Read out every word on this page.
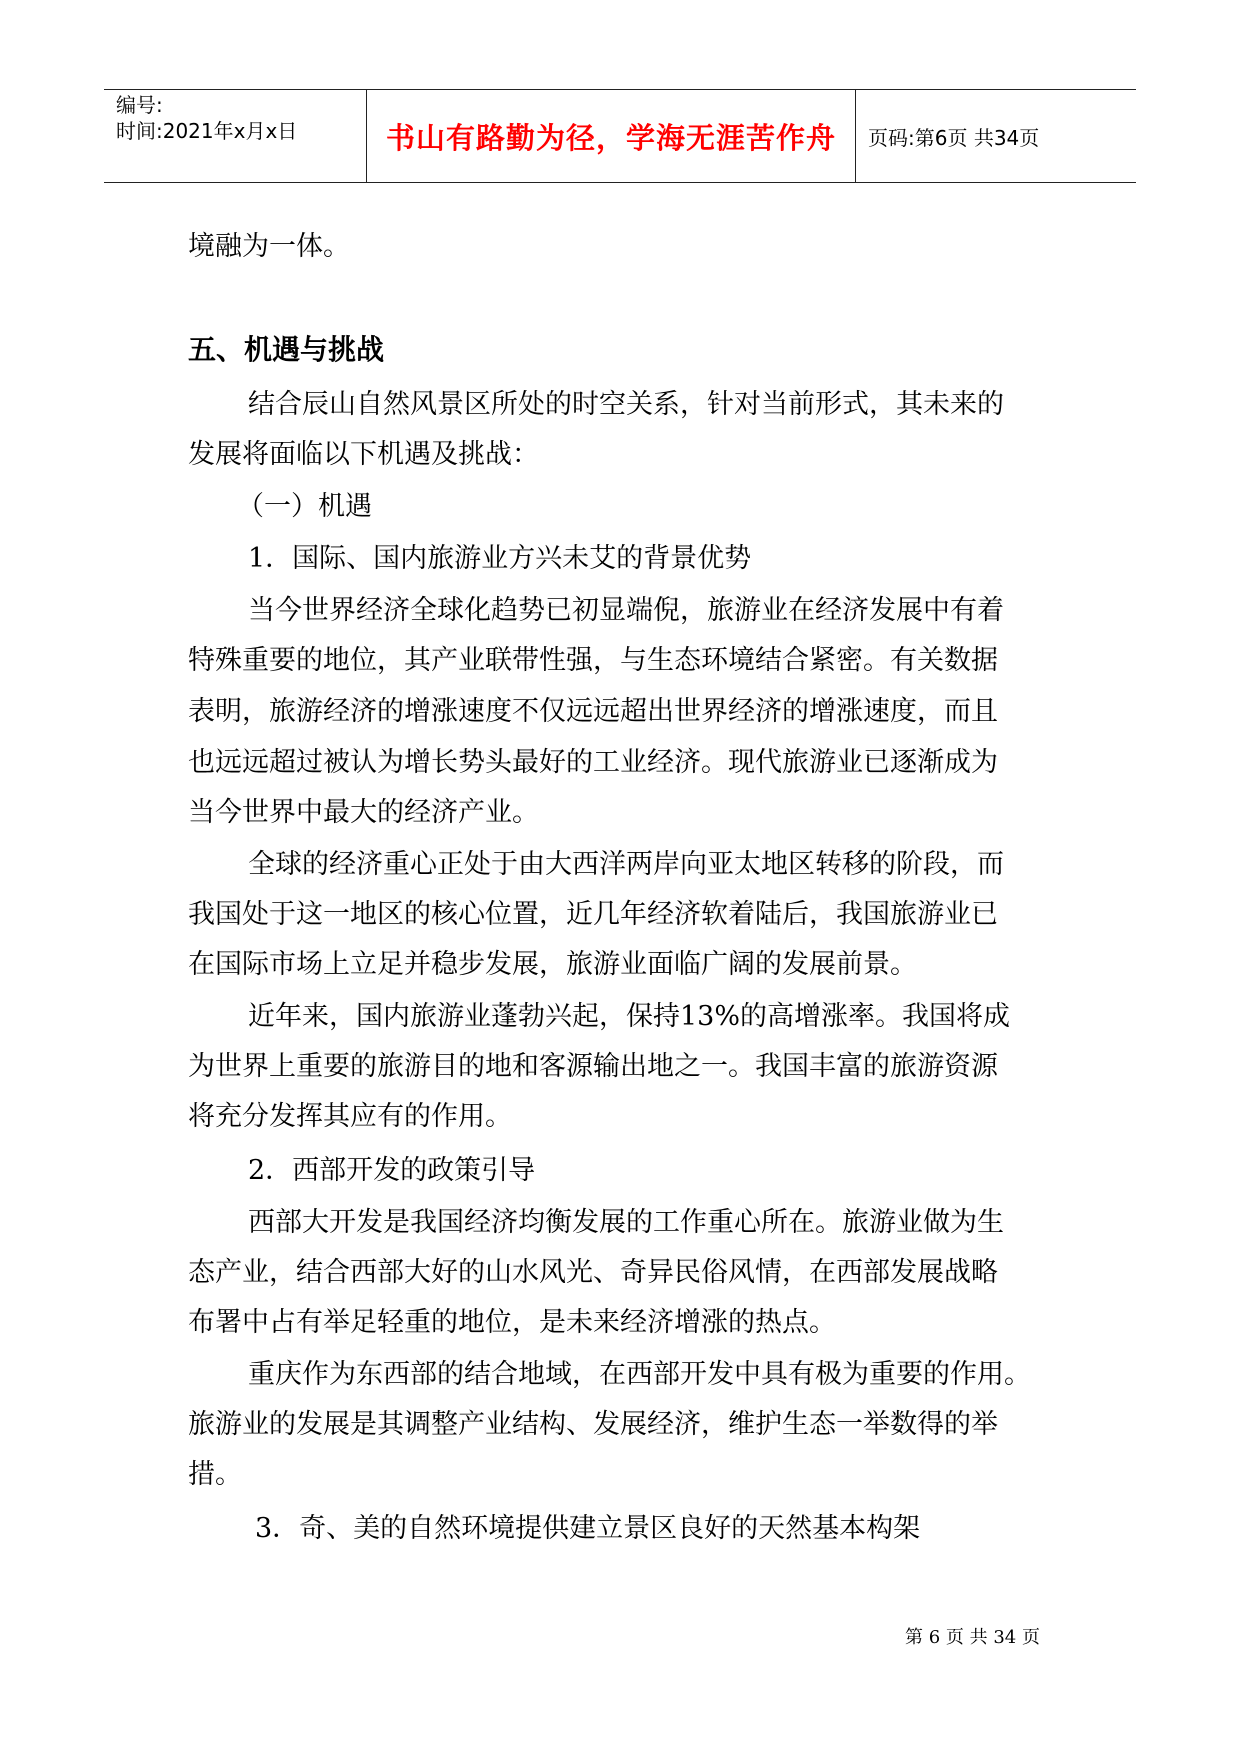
编号:
时间:2021年x月x日	书山有路勤为径，学海无涯苦作舟	页码:第6页 共34页
境融为一体。
五、机遇与挑战
结合辰山自然风景区所处的时空关系，针对当前形式，其未来的
发展将面临以下机遇及挑战：
（一）机遇
1．国际、国内旅游业方兴未艾的背景优势
当今世界经济全球化趋势已初显端倪，旅游业在经济发展中有着
特殊重要的地位，其产业联带性强，与生态环境结合紧密。有关数据
表明，旅游经济的增涨速度不仅远远超出世界经济的增涨速度，而且
也远远超过被认为增长势头最好的工业经济。现代旅游业已逐渐成为
当今世界中最大的经济产业。
全球的经济重心正处于由大西洋两岸向亚太地区转移的阶段，而
我国处于这一地区的核心位置，近几年经济软着陆后，我国旅游业已
在国际市场上立足并稳步发展，旅游业面临广阔的发展前景。
近年来，国内旅游业蓬勃兴起，保持13%的高增涨率。我国将成
为世界上重要的旅游目的地和客源输出地之一。我国丰富的旅游资源
将充分发挥其应有的作用。
2．西部开发的政策引导
西部大开发是我国经济均衡发展的工作重心所在。旅游业做为生
态产业，结合西部大好的山水风光、奇异民俗风情，在西部发展战略
布署中占有举足轻重的地位，是未来经济增涨的热点。
重庆作为东西部的结合地域，在西部开发中具有极为重要的作用。
旅游业的发展是其调整产业结构、发展经济，维护生态一举数得的举
措。
3．奇、美的自然环境提供建立景区良好的天然基本构架
第 6 页 共 34 页
